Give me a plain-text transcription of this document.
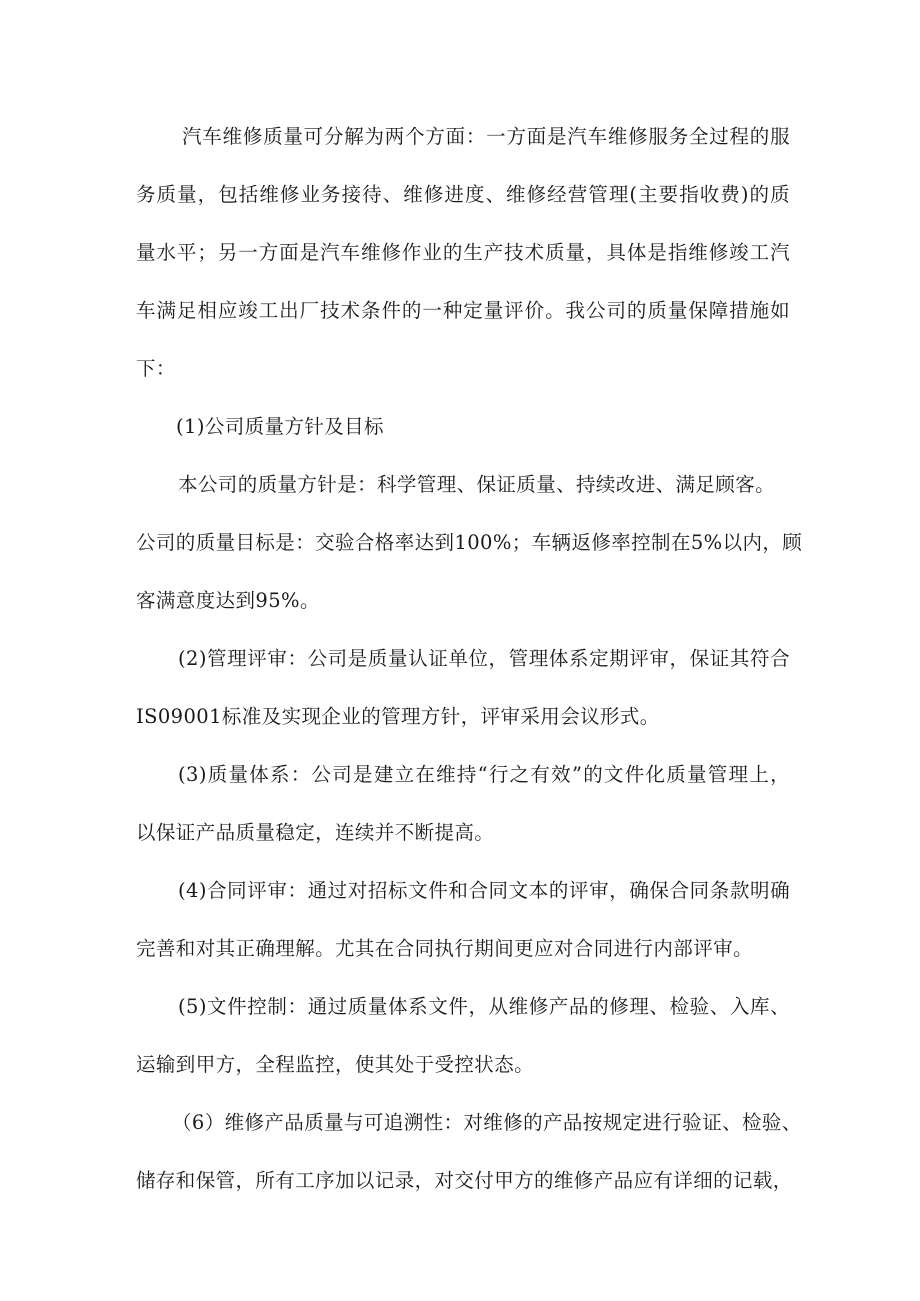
汽车维修质量可分解为两个方面：一方面是汽车维修服务全过程的服
务质量，包括维修业务接待、维修进度、维修经营管理(主要指收费)的质
量水平；另一方面是汽车维修作业的生产技术质量，具体是指维修竣工汽
车满足相应竣工出厂技术条件的一种定量评价。我公司的质量保障措施如
下：
(1)公司质量方针及目标
本公司的质量方针是：科学管理、保证质量、持续改进、满足顾客。
公司的质量目标是：交验合格率达到100%；车辆返修率控制在5%以内，顾
客满意度达到95%。
(2)管理评审：公司是质量认证单位，管理体系定期评审，保证其符合
IS09001标准及实现企业的管理方针，评审采用会议形式。
(3)质量体系：公司是建立在维持“行之有效”的文件化质量管理上，
以保证产品质量稳定，连续并不断提高。
(4)合同评审：通过对招标文件和合同文本的评审，确保合同条款明确
完善和对其正确理解。尤其在合同执行期间更应对合同进行内部评审。
(5)文件控制：通过质量体系文件，从维修产品的修理、检验、入库、
运输到甲方，全程监控，使其处于受控状态。
（6）维修产品质量与可追溯性：对维修的产品按规定进行验证、检验、
储存和保管，所有工序加以记录，对交付甲方的维修产品应有详细的记载，
